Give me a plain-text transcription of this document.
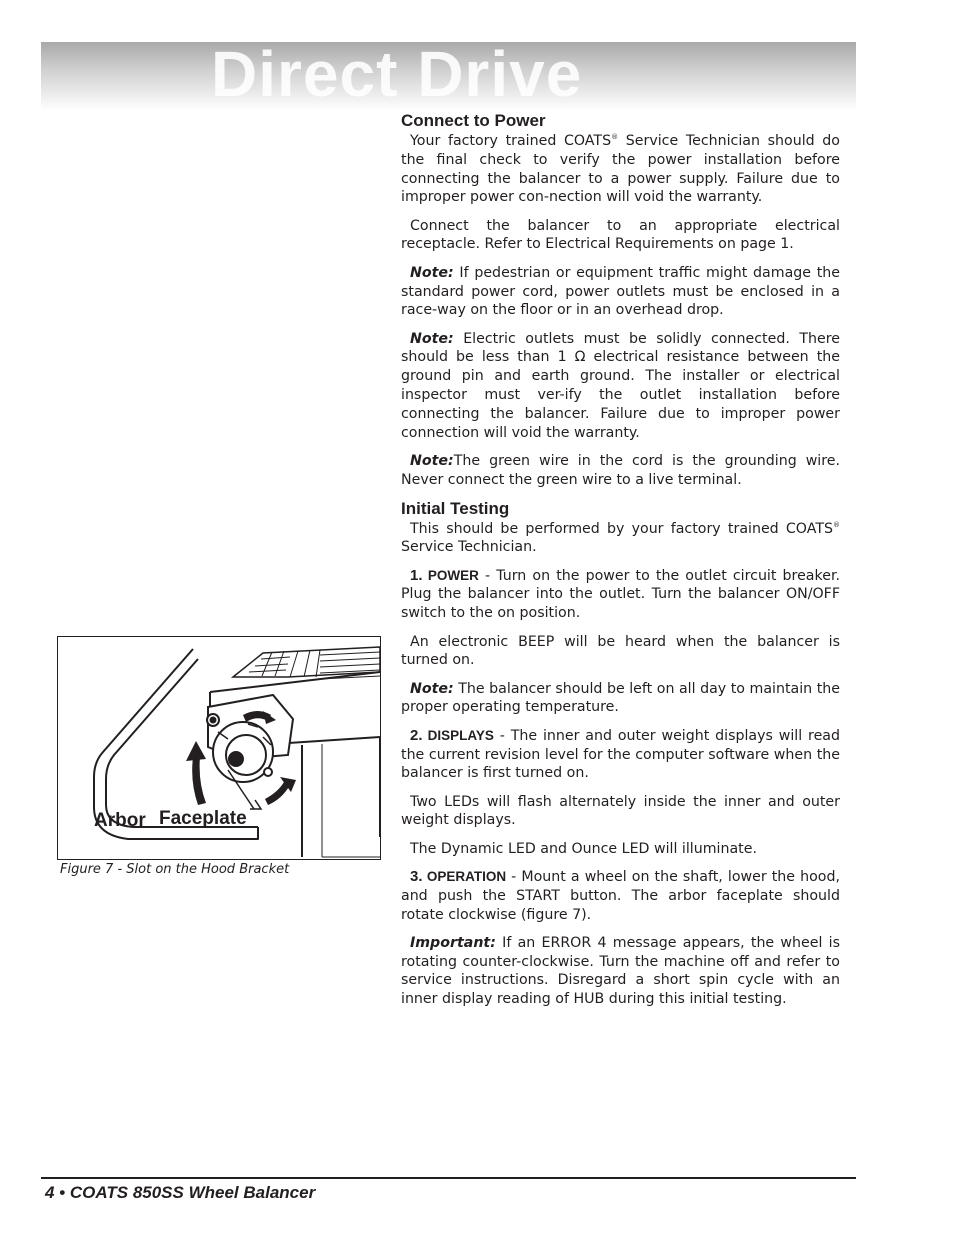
Direct Drive
Connect to Power

Your factory trained COATS® Service Technician should do the final check to verify the power installation before connecting the balancer to a power supply. Failure due to improper power con-nection will void the warranty.

Connect the balancer to an appropriate electrical receptacle. Refer to Electrical Requirements on page 1.

Note: If pedestrian or equipment traffic might damage the standard power cord, power outlets must be enclosed in a race-way on the floor or in an overhead drop.

Note: Electric outlets must be solidly connected. There should be less than 1 Ω electrical resistance between the ground pin and earth ground. The installer or electrical inspector must ver-ify the outlet installation before connecting the balancer. Failure due to improper power connection will void the warranty.

Note:The green wire in the cord is the grounding wire. Never connect the green wire to a live terminal.

Initial Testing

This should be performed by your factory trained COATS® Service Technician.

1. POWER - Turn on the power to the outlet circuit breaker. Plug the balancer into the outlet. Turn the balancer ON/OFF switch to the on position.

An electronic BEEP will be heard when the balancer is turned on.

Note: The balancer should be left on all day to maintain the proper operating temperature.

2. DISPLAYS - The inner and outer weight displays will read the current revision level for the computer software when the balancer is first turned on.

Two LEDs will flash alternately inside the inner and outer weight displays.

The Dynamic LED and Ounce LED will illuminate.

3. OPERATION - Mount a wheel on the shaft, lower the hood, and push the START button. The arbor faceplate should rotate clockwise (figure 7).

Important: If an ERROR 4 message appears, the wheel is rotating counter-clockwise. Turn the machine off and refer to service instructions. Disregard a short spin cycle with an inner display reading of HUB during this initial testing.

Arbor Faceplate
Figure 7 - Slot on the Hood Bracket
4 • COATS 850SS Wheel Balancer
